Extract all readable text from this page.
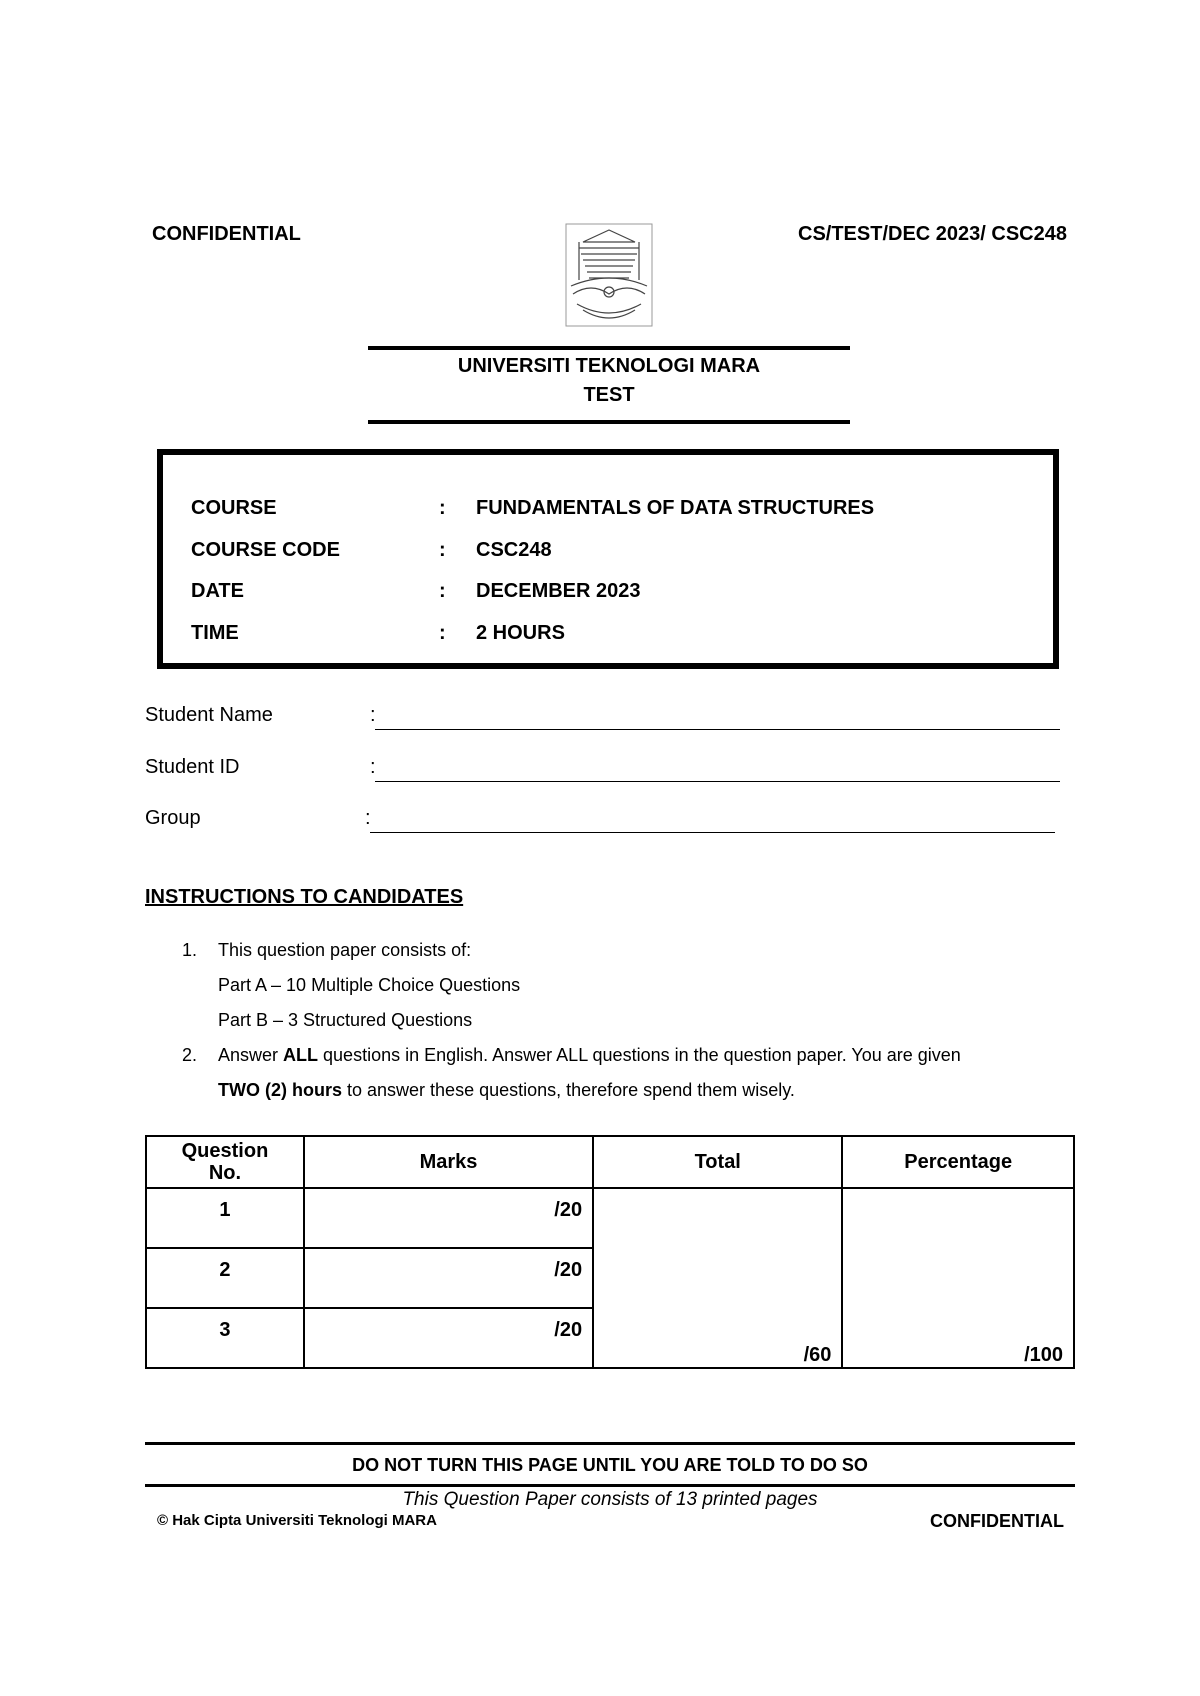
CONFIDENTIAL	CS/TEST/DEC 2023/ CSC248
UNIVERSITI TEKNOLOGI MARA
TEST
COURSE	: FUNDAMENTALS OF DATA STRUCTURES
COURSE CODE	: CSC248
DATE	: DECEMBER 2023
TIME	: 2 HOURS
Student Name	:
Student ID	:
Group	:
INSTRUCTIONS TO CANDIDATES
1. This question paper consists of:
Part A – 10 Multiple Choice Questions
Part B – 3 Structured Questions
2. Answer ALL questions in English. Answer ALL questions in the question paper. You are given
TWO (2) hours to answer these questions, therefore spend them wisely.
Question No.	Marks	Total	Percentage
1	/20	/60	/100
2	/20		
3	/20		
DO NOT TURN THIS PAGE UNTIL YOU ARE TOLD TO DO SO
This Question Paper consists of 13 printed pages
© Hak Cipta Universiti Teknologi MARA	CONFIDENTIAL
